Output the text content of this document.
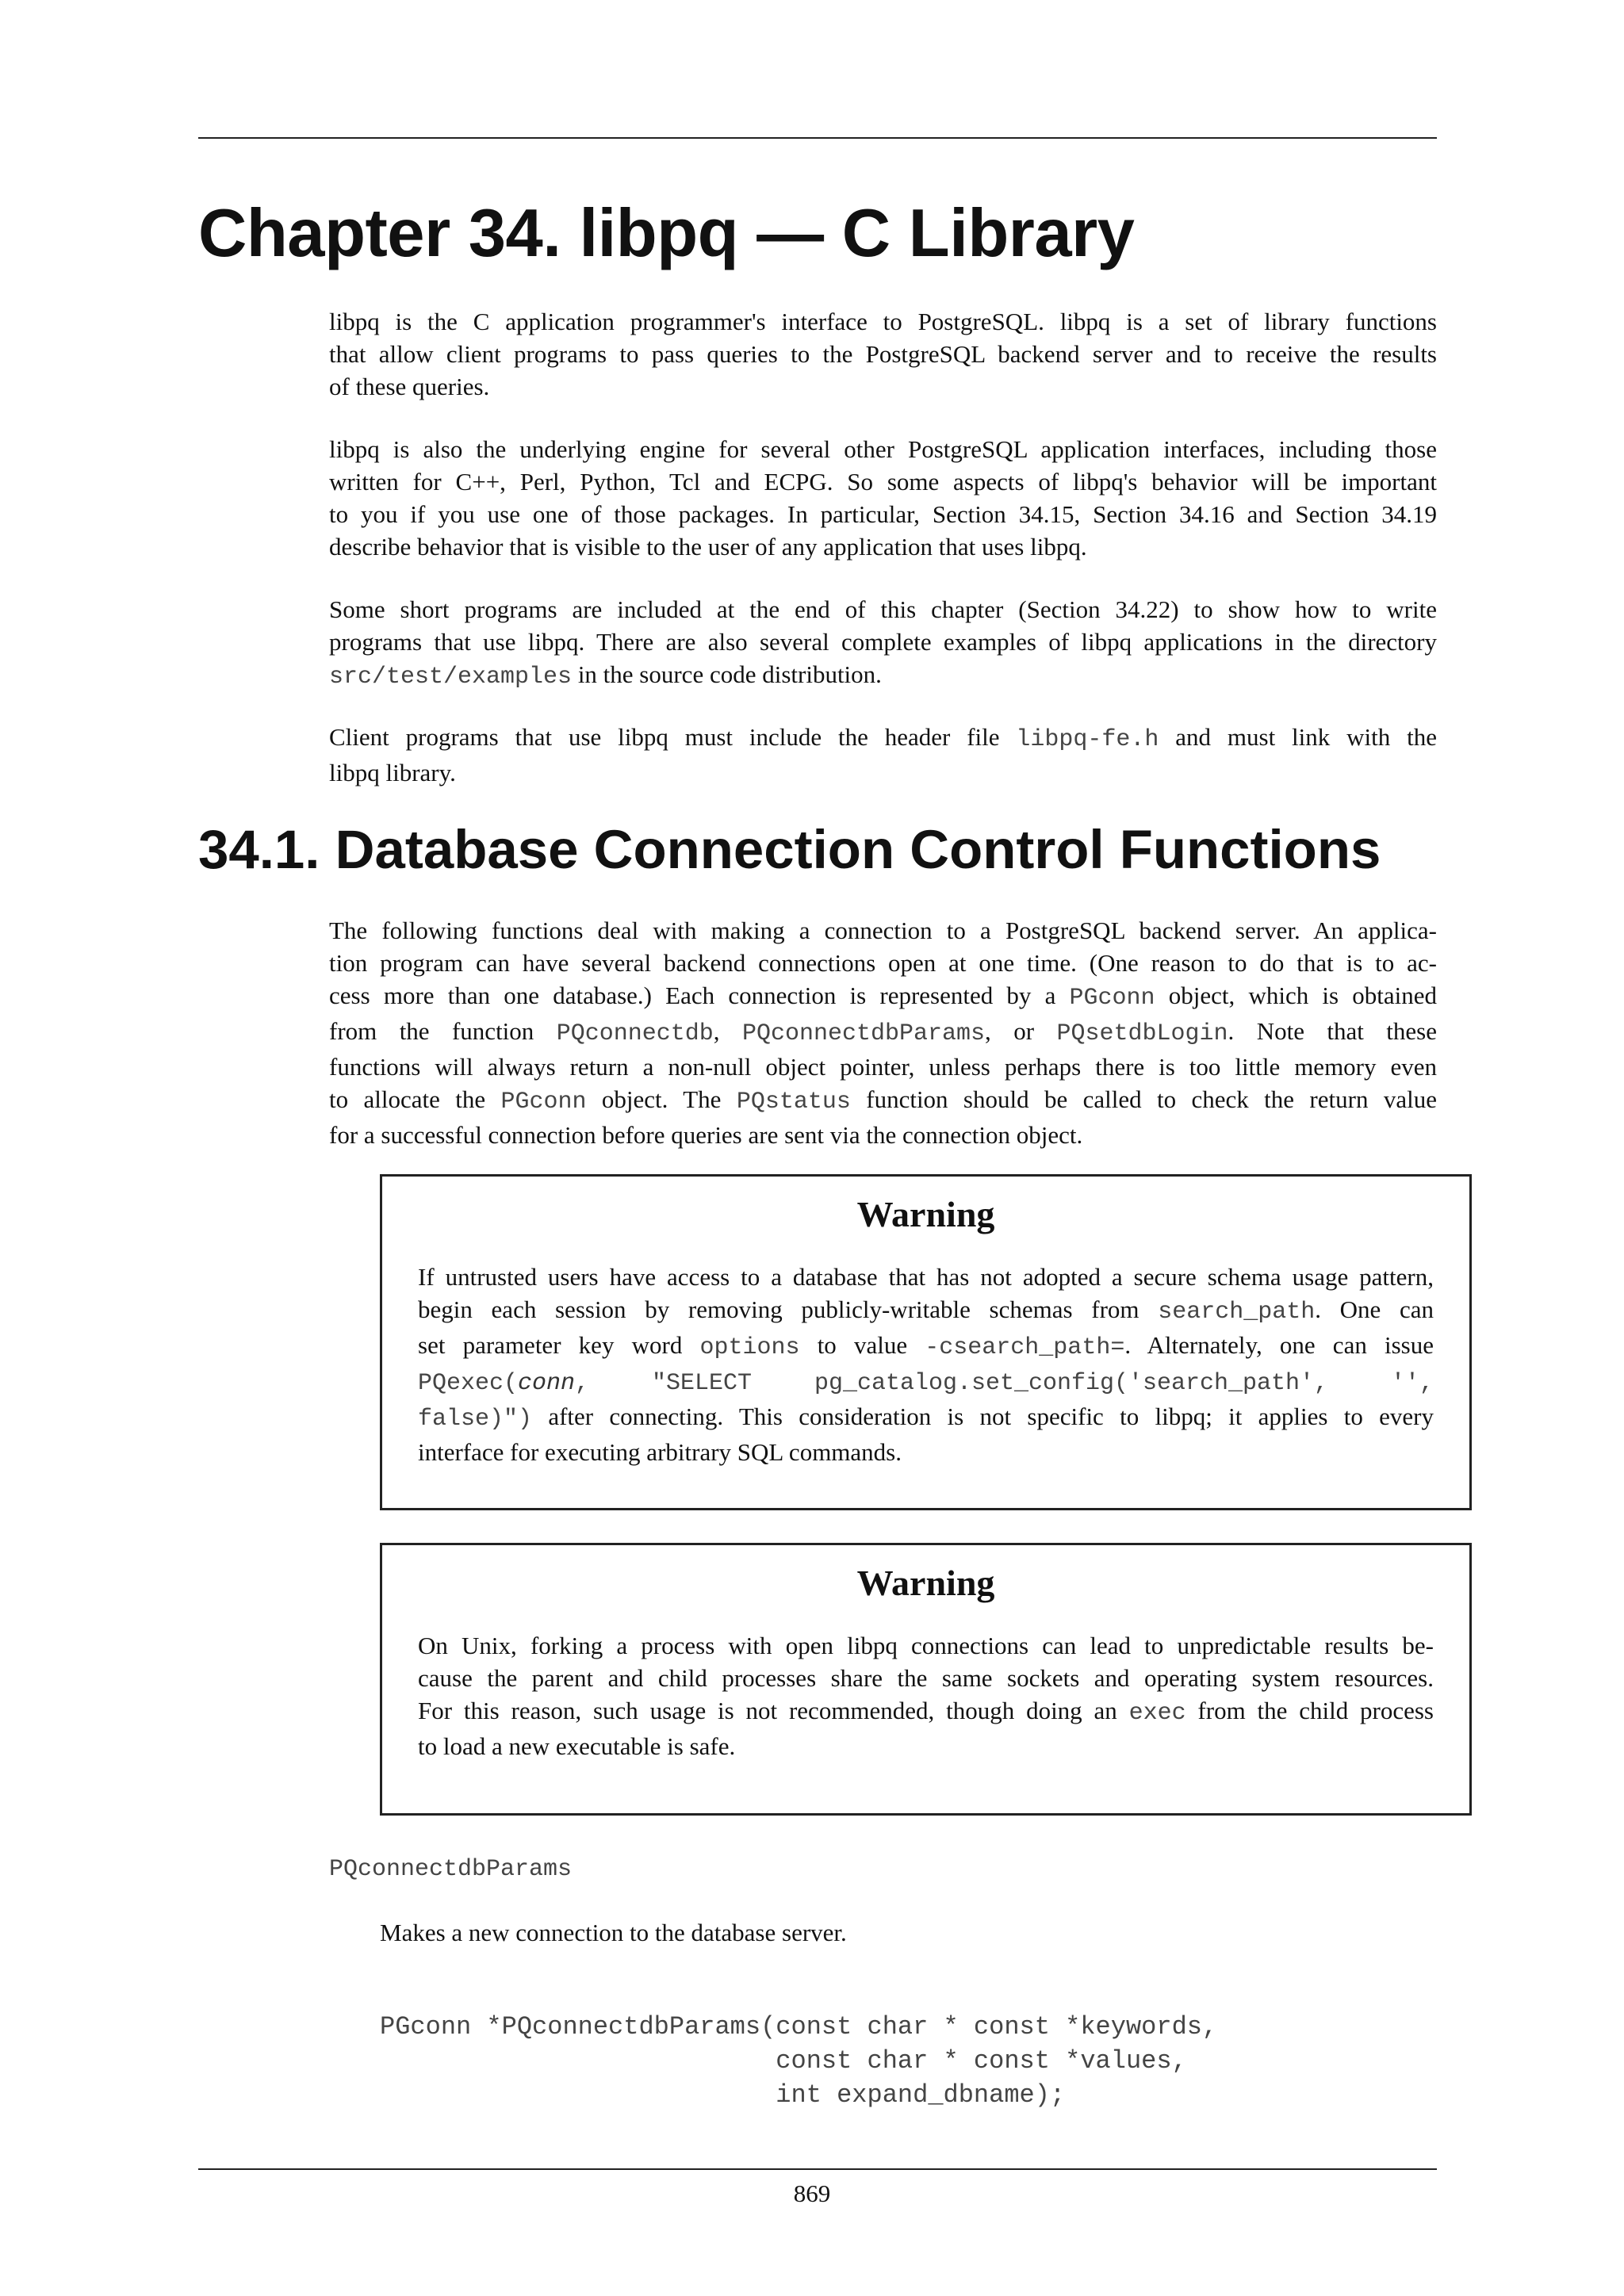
Chapter 34. libpq — C Library
libpq is the C application programmer's interface to PostgreSQL. libpq is a set of library functions
that allow client programs to pass queries to the PostgreSQL backend server and to receive the results
of these queries.
libpq is also the underlying engine for several other PostgreSQL application interfaces, including those
written for C++, Perl, Python, Tcl and ECPG. So some aspects of libpq's behavior will be important
to you if you use one of those packages. In particular, Section 34.15, Section 34.16 and Section 34.19
describe behavior that is visible to the user of any application that uses libpq.
Some short programs are included at the end of this chapter (Section 34.22) to show how to write
programs that use libpq. There are also several complete examples of libpq applications in the directory
src/test/examples in the source code distribution.
Client programs that use libpq must include the header file libpq-fe.h and must link with the
libpq library.
34.1. Database Connection Control Functions
The following functions deal with making a connection to a PostgreSQL backend server. An applica-
tion program can have several backend connections open at one time. (One reason to do that is to ac-
cess more than one database.) Each connection is represented by a PGconn object, which is obtained
from the function PQconnectdb, PQconnectdbParams, or PQsetdbLogin. Note that these
functions will always return a non-null object pointer, unless perhaps there is too little memory even
to allocate the PGconn object. The PQstatus function should be called to check the return value
for a successful connection before queries are sent via the connection object.
Warning
If untrusted users have access to a database that has not adopted a secure schema usage pattern,
begin each session by removing publicly-writable schemas from search_path. One can
set parameter key word options to value -csearch_path=. Alternately, one can issue
PQexec(conn, "SELECT pg_catalog.set_config('search_path', '',
false)") after connecting. This consideration is not specific to libpq; it applies to every
interface for executing arbitrary SQL commands.
Warning
On Unix, forking a process with open libpq connections can lead to unpredictable results be-
cause the parent and child processes share the same sockets and operating system resources.
For this reason, such usage is not recommended, though doing an exec from the child process
to load a new executable is safe.
PQconnectdbParams
Makes a new connection to the database server.
PGconn *PQconnectdbParams(const char * const *keywords,
const char * const *values,
int expand_dbname);
869
